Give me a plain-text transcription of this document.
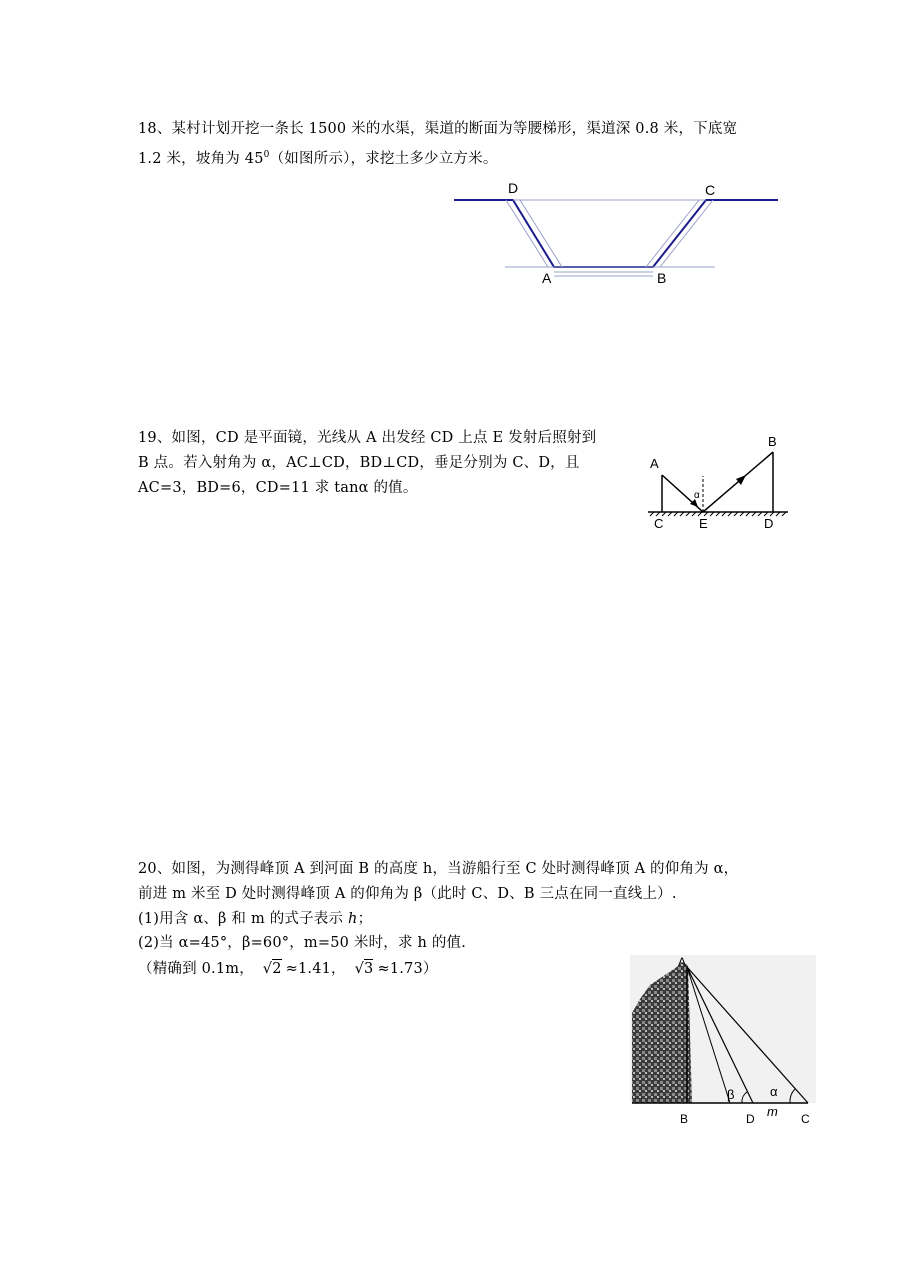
18、某村计划开挖一条长 1500 米的水渠，渠道的断面为等腰梯形，渠道深 0.8 米，下底宽
1.2 米，坡角为 $45^0$（如图所示），求挖土多少立方米。
D	C
A	B
19、如图，CD 是平面镜，光线从 A 出发经 CD 上点 E 发射后照射到
B 点。若入射角为 α，AC⊥CD，BD⊥CD，垂足分别为 C、D，且
AC=3，BD=6，CD=11 求 tanα 的值。	α
A
B
C	E	D
20、如图，为测得峰顶 A 到河面 B 的高度 h，当游船行至 C 处时测得峰顶 A 的仰角为 α，
前进 m 米至 D 处时测得峰顶 A 的仰角为 β（此时 C、D、B 三点在同一直线上）.
(1)用含 α、β 和 m 的式子表示 h；
(2)当 α=45°，β=60°，m=50 米时，求 h 的值.
（精确到 0.1m， √2 ≈1.41， √3 ≈1.73）	A
B	D	C
β	α
m
